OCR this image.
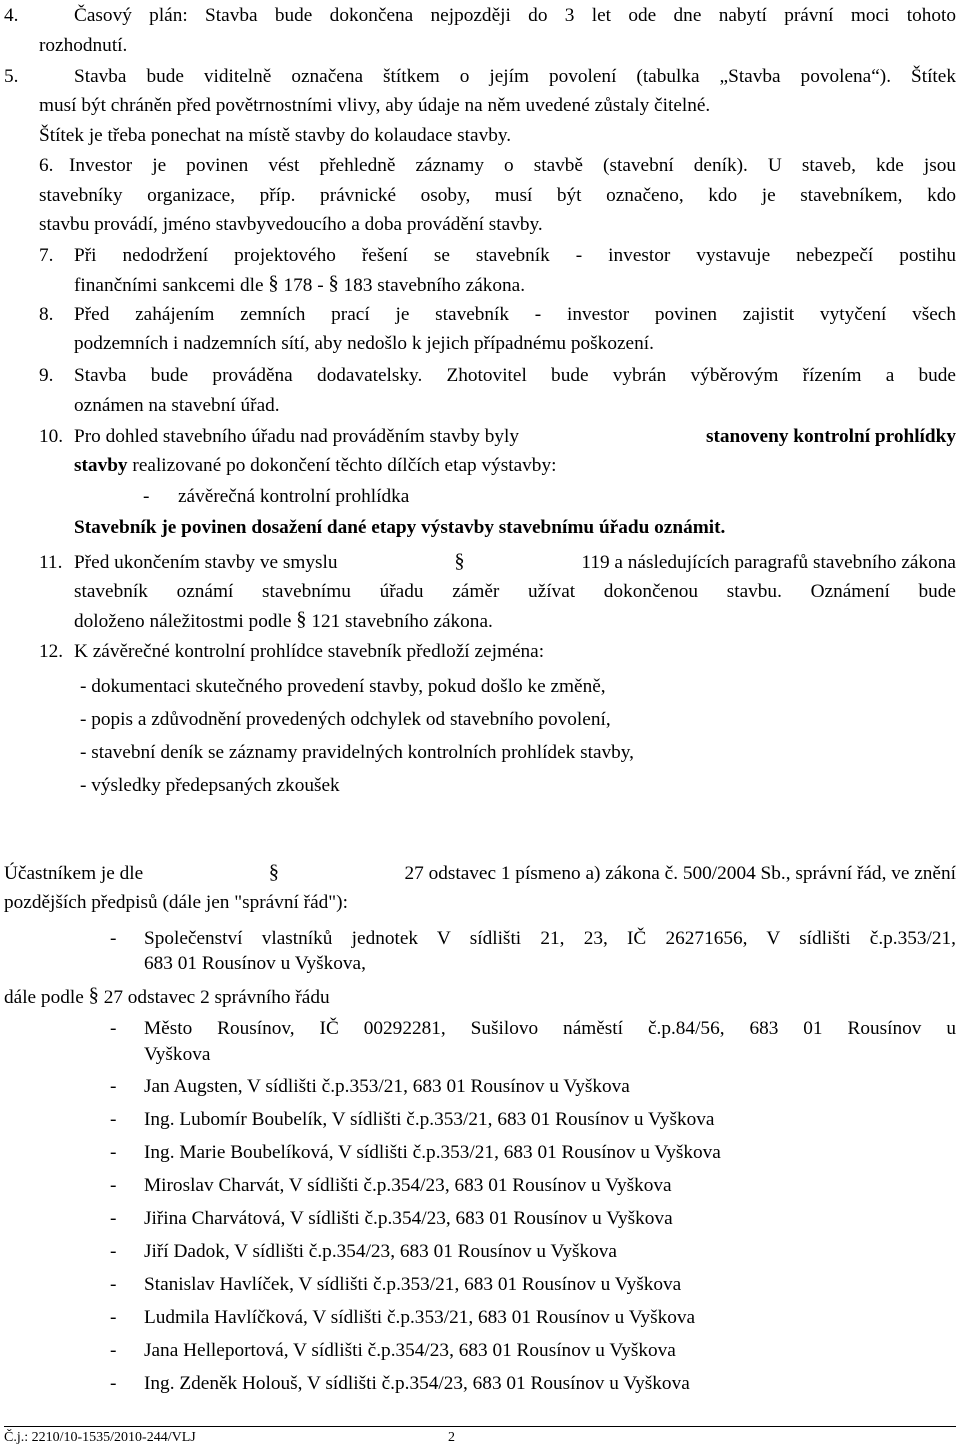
4.	Časový plán: Stavba bude dokončena nejpozději do 3 let ode dne nabytí právní moci tohoto
rozhodnutí.
5.	Stavba bude viditelně označena štítkem o jejím povolení (tabulka „Stavba povolena“). Štítek
musí být chráněn před povětrnostními vlivy, aby údaje na něm uvedené zůstaly čitelné.
Štítek je třeba ponechat na místě stavby do kolaudace stavby.
6. Investor je povinen vést přehledně záznamy o stavbě (stavební deník). U staveb, kde jsou
stavebníky organizace, příp. právnické osoby, musí být označeno, kdo je stavebníkem, kdo
stavbu provádí, jméno stavbyvedoucího a doba provádění stavby.
7. Při nedodržení projektového řešení se stavebník - investor vystavuje nebezpečí postihu
finančními sankcemi dle § 178 - § 183 stavebního zákona.
8. Před zahájením zemních prací je stavebník - investor povinen zajistit vytyčení všech
podzemních i nadzemních sítí, aby nedošlo k jejich případnému poškození.
9. Stavba bude prováděna dodavatelsky. Zhotovitel bude vybrán výběrovým řízením a bude
oznámen na stavební úřad.
10. Pro dohled stavebního úřadu nad prováděním stavby byly	stanoveny kontrolní prohlídky
stavby realizované po dokončení těchto dílčích etap výstavby:
- závěrečná kontrolní prohlídka
Stavebník je povinen dosažení dané etapy výstavby stavebnímu úřadu oznámit.
11. Před ukončením stavby ve smyslu	§	119 a následujících paragrafů stavebního zákona
stavebník oznámí stavebnímu úřadu záměr užívat dokončenou stavbu. Oznámení bude
doloženo náležitostmi podle § 121 stavebního zákona.
12. K závěrečné kontrolní prohlídce stavebník předloží zejména:
- dokumentaci skutečného provedení stavby, pokud došlo ke změně,
- popis a zdůvodnění provedených odchylek od stavebního povolení,
- stavební deník se záznamy pravidelných kontrolních prohlídek stavby,
- výsledky předepsaných zkoušek
Účastníkem je dle	§	27 odstavec 1 písmeno a) zákona č. 500/2004 Sb., správní řád, ve znění
pozdějších předpisů (dále jen "správní řád"):
- Společenství vlastníků jednotek V sídlišti 21, 23, IČ 26271656, V sídlišti č.p.353/21,
683 01 Rousínov u Vyškova,
dále podle § 27 odstavec 2 správního řádu
- Město Rousínov, IČ 00292281, Sušilovo náměstí č.p.84/56, 683 01 Rousínov u
Vyškova
- Jan Augsten, V sídlišti č.p.353/21, 683 01 Rousínov u Vyškova
- Ing. Lubomír Boubelík, V sídlišti č.p.353/21, 683 01 Rousínov u Vyškova
- Ing. Marie Boubelíková, V sídlišti č.p.353/21, 683 01 Rousínov u Vyškova
- Miroslav Charvát, V sídlišti č.p.354/23, 683 01 Rousínov u Vyškova
- Jiřina Charvátová, V sídlišti č.p.354/23, 683 01 Rousínov u Vyškova
- Jiří Dadok, V sídlišti č.p.354/23, 683 01 Rousínov u Vyškova
- Stanislav Havlíček, V sídlišti č.p.353/21, 683 01 Rousínov u Vyškova
- Ludmila Havlíčková, V sídlišti č.p.353/21, 683 01 Rousínov u Vyškova
- Jana Helleportová, V sídlišti č.p.354/23, 683 01 Rousínov u Vyškova
- Ing. Zdeněk Holouš, V sídlišti č.p.354/23, 683 01 Rousínov u Vyškova
Č.j.: 2210/10-1535/2010-244/VLJ	2
